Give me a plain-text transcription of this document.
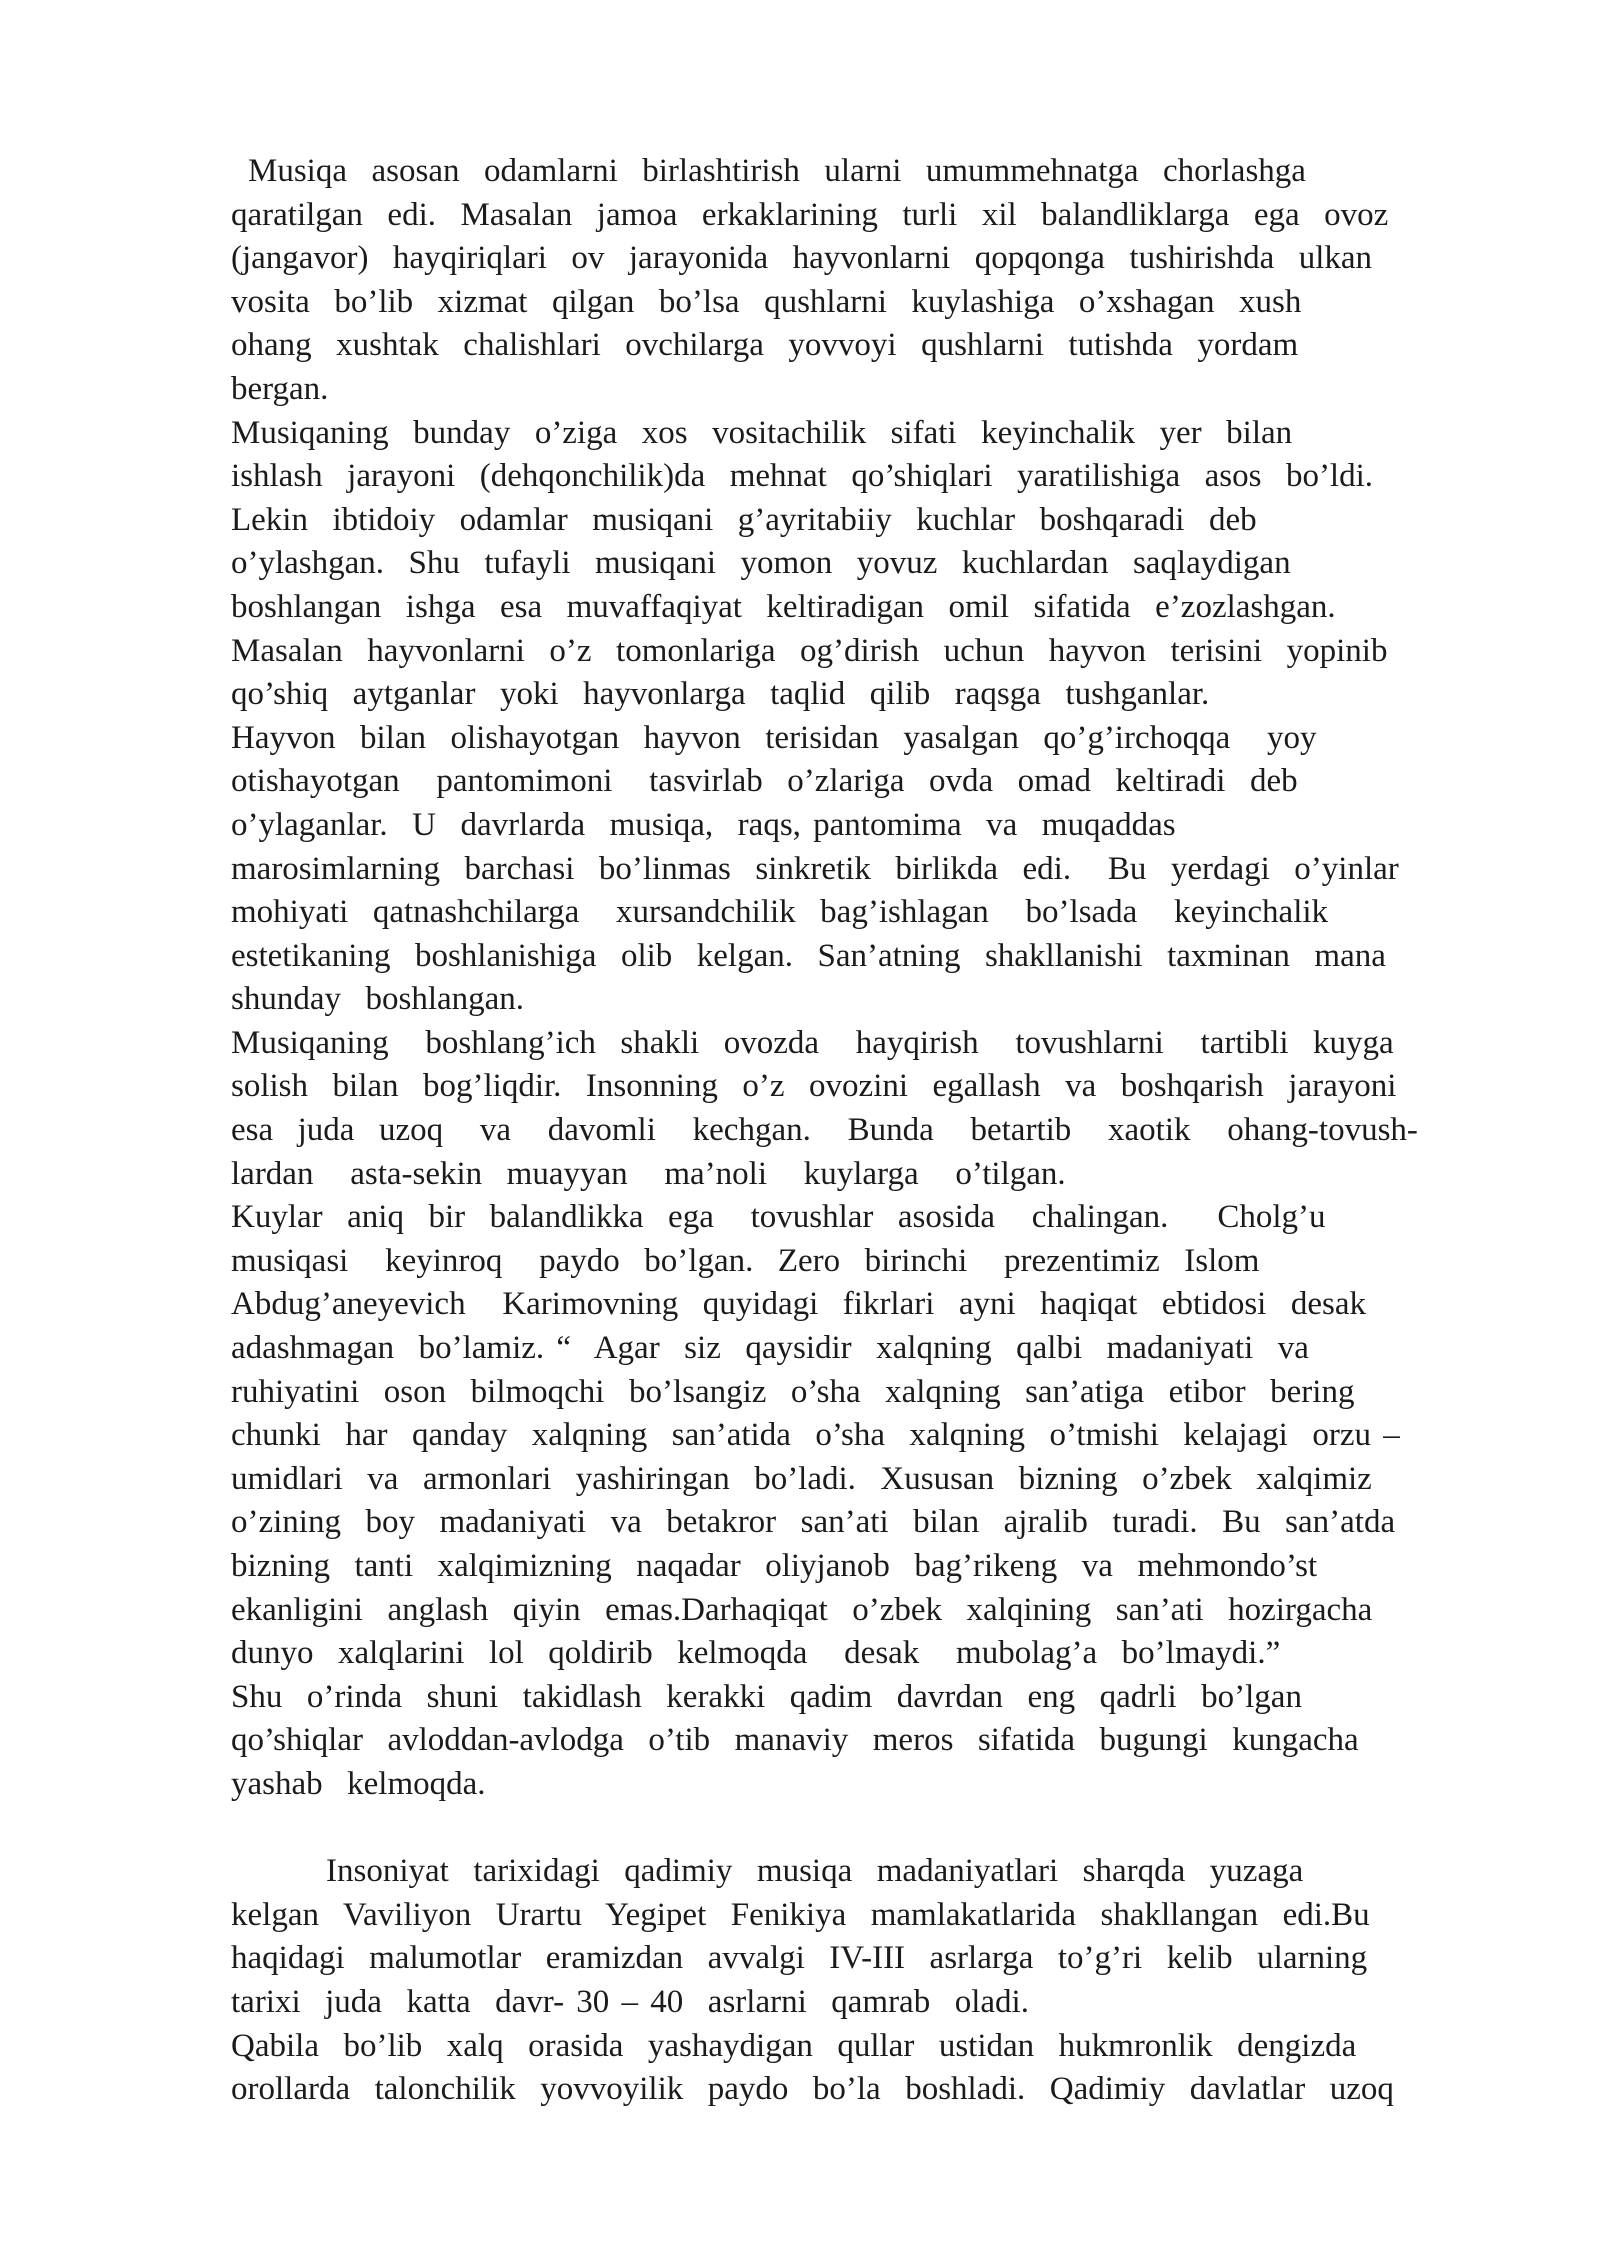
Musiqa  asosan  odamlarni  birlashtirish  ularni  umummehnatga  chorlashga
qaratilgan  edi.  Masalan  jamoa  erkaklarining  turli  xil  balandliklarga  ega  ovoz
(jangavor)  hayqiriqlari  ov  jarayonida  hayvonlarni  qopqonga  tushirishda  ulkan
vosita  bo’lib  xizmat  qilgan  bo’lsa  qushlarni  kuylashiga  o’xshagan  xush
ohang  xushtak  chalishlari  ovchilarga  yovvoyi  qushlarni  tutishda  yordam
bergan.
Musiqaning  bunday  o’ziga  xos  vositachilik  sifati  keyinchalik  yer  bilan
ishlash  jarayoni  (dehqonchilik)da  mehnat  qo’shiqlari  yaratilishiga  asos  bo’ldi.
Lekin  ibtidoiy  odamlar  musiqani  g’ayritabiiy  kuchlar  boshqaradi  deb
o’ylashgan.  Shu  tufayli  musiqani  yomon  yovuz  kuchlardan  saqlaydigan
boshlangan  ishga  esa  muvaffaqiyat  keltiradigan  omil  sifatida  e’zozlashgan.
Masalan  hayvonlarni  o’z  tomonlariga  og’dirish  uchun  hayvon  terisini  yopinib
qo’shiq  aytganlar  yoki  hayvonlarga  taqlid  qilib  raqsga  tushganlar.
Hayvon  bilan  olishayotgan  hayvon  terisidan  yasalgan  qo’g’irchoqqa   yoy
otishayotgan   pantomimoni   tasvirlab  o’zlariga  ovda  omad  keltiradi  deb
o’ylaganlar.  U  davrlarda  musiqa,  raqs, pantomima  va  muqaddas
marosimlarning  barchasi  bo’linmas  sinkretik  birlikda  edi.   Bu  yerdagi  o’yinlar
mohiyati  qatnashchilarga   xursandchilik  bag’ishlagan   bo’lsada   keyinchalik
estetikaning  boshlanishiga  olib  kelgan.  San’atning  shakllanishi  taxminan  mana
shunday  boshlangan.
Musiqaning   boshlang’ich  shakli  ovozda   hayqirish   tovushlarni   tartibli  kuyga
solish  bilan  bog’liqdir.  Insonning  o’z  ovozini  egallash  va  boshqarish  jarayoni
esa  juda  uzoq   va   davomli   kechgan.   Bunda   betartib   xaotik   ohang-tovush-
lardan   asta-sekin  muayyan   ma’noli   kuylarga   o’tilgan.
Kuylar  aniq  bir  balandlikka  ega   tovushlar  asosida   chalingan.    Cholg’u
musiqasi   keyinroq   paydo  bo’lgan.  Zero  birinchi   prezentimiz  Islom
Abdug’aneyevich   Karimovning  quyidagi  fikrlari  ayni  haqiqat  ebtidosi  desak
adashmagan  bo’lamiz. “  Agar  siz  qaysidir  xalqning  qalbi  madaniyati  va
ruhiyatini  oson  bilmoqchi  bo’lsangiz  o’sha  xalqning  san’atiga  etibor  bering
chunki  har  qanday  xalqning  san’atida  o’sha  xalqning  o’tmishi  kelajagi  orzu –
umidlari  va  armonlari  yashiringan  bo’ladi.  Xususan  bizning  o’zbek  xalqimiz
o’zining  boy  madaniyati  va  betakror  san’ati  bilan  ajralib  turadi.  Bu  san’atda
bizning  tanti  xalqimizning  naqadar  oliyjanob  bag’rikeng  va  mehmondo’st
ekanligini  anglash  qiyin  emas.Darhaqiqat  o’zbek  xalqining  san’ati  hozirgacha
dunyo  xalqlarini  lol  qoldirib  kelmoqda   desak   mubolag’a  bo’lmaydi.”
Shu  o’rinda  shuni  takidlash  kerakki  qadim  davrdan  eng  qadrli  bo’lgan
qo’shiqlar  avloddan-avlodga  o’tib  manaviy  meros  sifatida  bugungi  kungacha
yashab  kelmoqda.
Insoniyat  tarixidagi  qadimiy  musiqa  madaniyatlari  sharqda  yuzaga
kelgan  Vaviliyon  Urartu  Yegipet  Fenikiya  mamlakatlarida  shakllangan  edi.Bu
haqidagi  malumotlar  eramizdan  avvalgi  IV-III  asrlarga  to’g’ri  kelib  ularning
tarixi  juda  katta  davr- 30 – 40  asrlarni  qamrab  oladi.
Qabila  bo’lib  xalq  orasida  yashaydigan  qullar  ustidan  hukmronlik  dengizda
orollarda  talonchilik  yovvoyilik  paydo  bo’la  boshladi.  Qadimiy  davlatlar  uzoq
